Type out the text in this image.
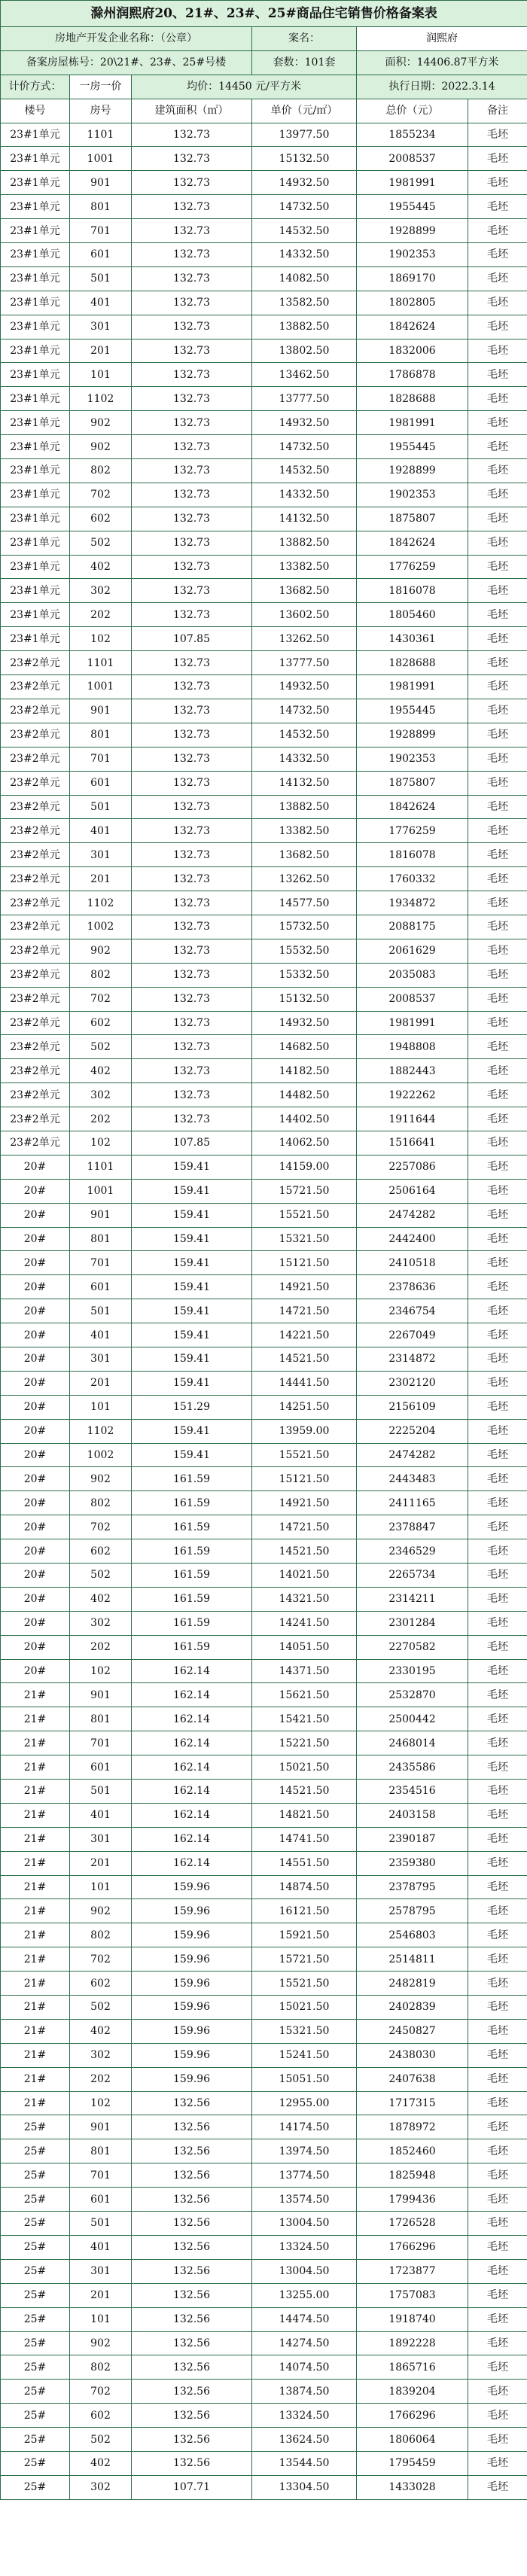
滁州润熙府20、21#、23#、25#商品住宅销售价格备案表					
房地产开发企业名称：（公章）			案名：	润熙府	
备案房屋栋号：20\21#、23#、25#号楼			套数：101套	面积：14406.87平方米	
计价方式：	一房一价	均价：14450 元/平方米		执行日期：2022.3.14	
楼号	房号	建筑面积（㎡）	单价（元/㎡）	总价（元）	备注
23#1单元	1101	132.73	13977.50	1855234	毛坯
23#1单元	1001	132.73	15132.50	2008537	毛坯
23#1单元	901	132.73	14932.50	1981991	毛坯
23#1单元	801	132.73	14732.50	1955445	毛坯
23#1单元	701	132.73	14532.50	1928899	毛坯
23#1单元	601	132.73	14332.50	1902353	毛坯
23#1单元	501	132.73	14082.50	1869170	毛坯
23#1单元	401	132.73	13582.50	1802805	毛坯
23#1单元	301	132.73	13882.50	1842624	毛坯
23#1单元	201	132.73	13802.50	1832006	毛坯
23#1单元	101	132.73	13462.50	1786878	毛坯
23#1单元	1102	132.73	13777.50	1828688	毛坯
23#1单元	902	132.73	14932.50	1981991	毛坯
23#1单元	902	132.73	14732.50	1955445	毛坯
23#1单元	802	132.73	14532.50	1928899	毛坯
23#1单元	702	132.73	14332.50	1902353	毛坯
23#1单元	602	132.73	14132.50	1875807	毛坯
23#1单元	502	132.73	13882.50	1842624	毛坯
23#1单元	402	132.73	13382.50	1776259	毛坯
23#1单元	302	132.73	13682.50	1816078	毛坯
23#1单元	202	132.73	13602.50	1805460	毛坯
23#1单元	102	107.85	13262.50	1430361	毛坯
23#2单元	1101	132.73	13777.50	1828688	毛坯
23#2单元	1001	132.73	14932.50	1981991	毛坯
23#2单元	901	132.73	14732.50	1955445	毛坯
23#2单元	801	132.73	14532.50	1928899	毛坯
23#2单元	701	132.73	14332.50	1902353	毛坯
23#2单元	601	132.73	14132.50	1875807	毛坯
23#2单元	501	132.73	13882.50	1842624	毛坯
23#2单元	401	132.73	13382.50	1776259	毛坯
23#2单元	301	132.73	13682.50	1816078	毛坯
23#2单元	201	132.73	13262.50	1760332	毛坯
23#2单元	1102	132.73	14577.50	1934872	毛坯
23#2单元	1002	132.73	15732.50	2088175	毛坯
23#2单元	902	132.73	15532.50	2061629	毛坯
23#2单元	802	132.73	15332.50	2035083	毛坯
23#2单元	702	132.73	15132.50	2008537	毛坯
23#2单元	602	132.73	14932.50	1981991	毛坯
23#2单元	502	132.73	14682.50	1948808	毛坯
23#2单元	402	132.73	14182.50	1882443	毛坯
23#2单元	302	132.73	14482.50	1922262	毛坯
23#2单元	202	132.73	14402.50	1911644	毛坯
23#2单元	102	107.85	14062.50	1516641	毛坯
20#	1101	159.41	14159.00	2257086	毛坯
20#	1001	159.41	15721.50	2506164	毛坯
20#	901	159.41	15521.50	2474282	毛坯
20#	801	159.41	15321.50	2442400	毛坯
20#	701	159.41	15121.50	2410518	毛坯
20#	601	159.41	14921.50	2378636	毛坯
20#	501	159.41	14721.50	2346754	毛坯
20#	401	159.41	14221.50	2267049	毛坯
20#	301	159.41	14521.50	2314872	毛坯
20#	201	159.41	14441.50	2302120	毛坯
20#	101	151.29	14251.50	2156109	毛坯
20#	1102	159.41	13959.00	2225204	毛坯
20#	1002	159.41	15521.50	2474282	毛坯
20#	902	161.59	15121.50	2443483	毛坯
20#	802	161.59	14921.50	2411165	毛坯
20#	702	161.59	14721.50	2378847	毛坯
20#	602	161.59	14521.50	2346529	毛坯
20#	502	161.59	14021.50	2265734	毛坯
20#	402	161.59	14321.50	2314211	毛坯
20#	302	161.59	14241.50	2301284	毛坯
20#	202	161.59	14051.50	2270582	毛坯
20#	102	162.14	14371.50	2330195	毛坯
21#	901	162.14	15621.50	2532870	毛坯
21#	801	162.14	15421.50	2500442	毛坯
21#	701	162.14	15221.50	2468014	毛坯
21#	601	162.14	15021.50	2435586	毛坯
21#	501	162.14	14521.50	2354516	毛坯
21#	401	162.14	14821.50	2403158	毛坯
21#	301	162.14	14741.50	2390187	毛坯
21#	201	162.14	14551.50	2359380	毛坯
21#	101	159.96	14874.50	2378795	毛坯
21#	902	159.96	16121.50	2578795	毛坯
21#	802	159.96	15921.50	2546803	毛坯
21#	702	159.96	15721.50	2514811	毛坯
21#	602	159.96	15521.50	2482819	毛坯
21#	502	159.96	15021.50	2402839	毛坯
21#	402	159.96	15321.50	2450827	毛坯
21#	302	159.96	15241.50	2438030	毛坯
21#	202	159.96	15051.50	2407638	毛坯
21#	102	132.56	12955.00	1717315	毛坯
25#	901	132.56	14174.50	1878972	毛坯
25#	801	132.56	13974.50	1852460	毛坯
25#	701	132.56	13774.50	1825948	毛坯
25#	601	132.56	13574.50	1799436	毛坯
25#	501	132.56	13004.50	1726528	毛坯
25#	401	132.56	13324.50	1766296	毛坯
25#	301	132.56	13004.50	1723877	毛坯
25#	201	132.56	13255.00	1757083	毛坯
25#	101	132.56	14474.50	1918740	毛坯
25#	902	132.56	14274.50	1892228	毛坯
25#	802	132.56	14074.50	1865716	毛坯
25#	702	132.56	13874.50	1839204	毛坯
25#	602	132.56	13324.50	1766296	毛坯
25#	502	132.56	13624.50	1806064	毛坯
25#	402	132.56	13544.50	1795459	毛坯
25#	302	107.71	13304.50	1433028	毛坯
